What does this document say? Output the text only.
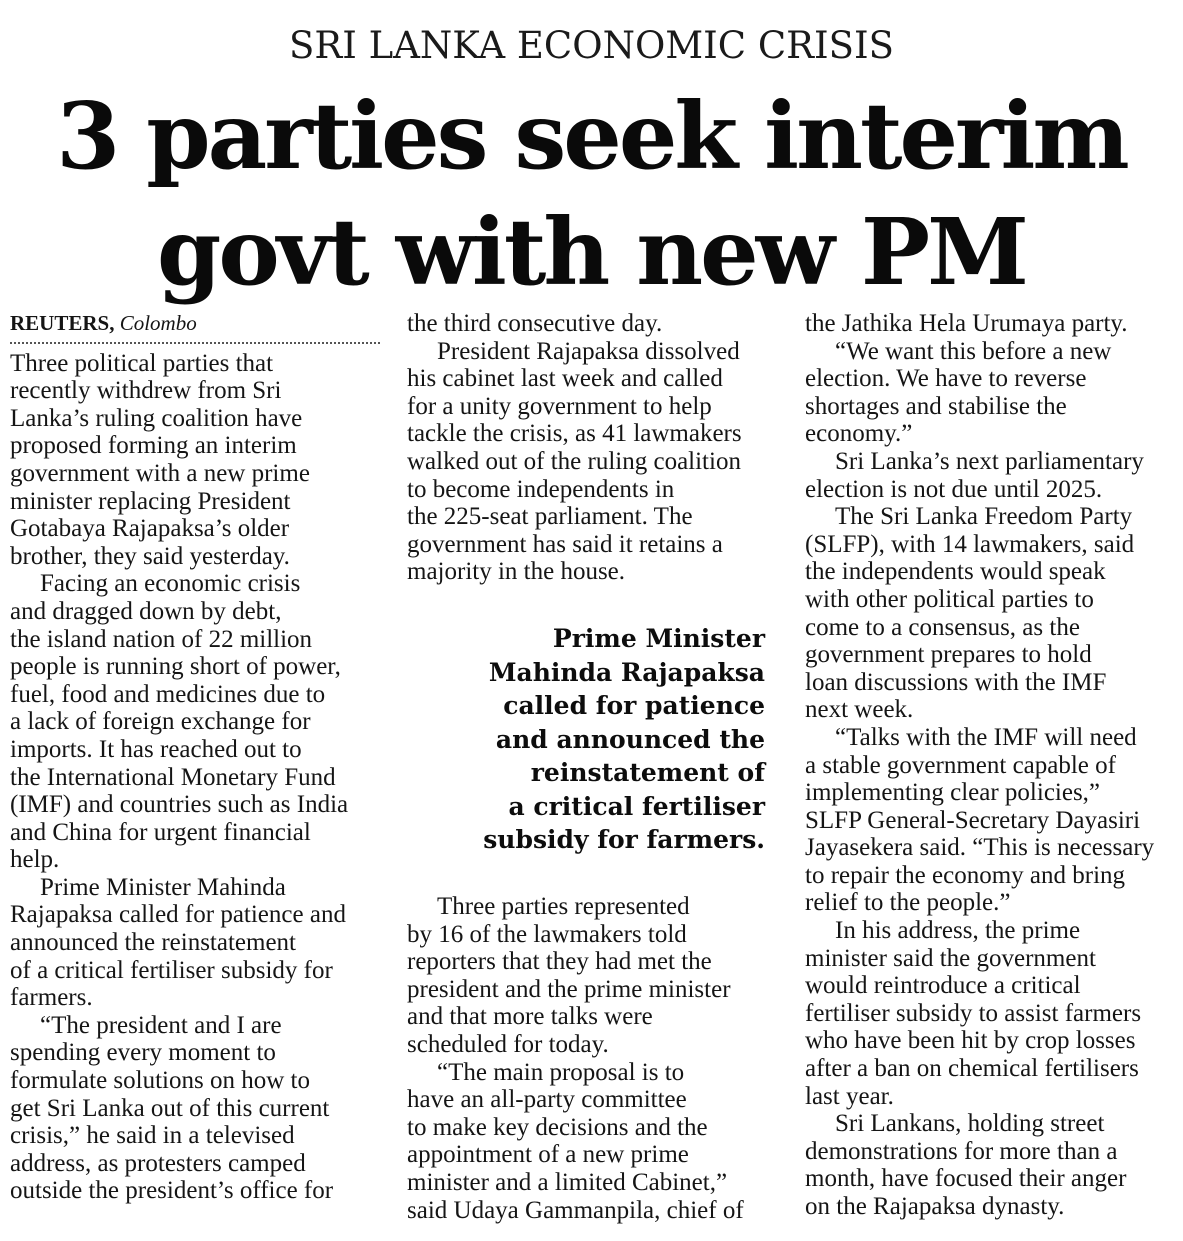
SRI LANKA ECONOMIC CRISIS
3 parties seek interim
govt with new PM
REUTERS, Colombo
Three political parties that
recently withdrew from Sri
Lanka’s ruling coalition have
proposed forming an interim
government with a new prime
minister replacing President
Gotabaya Rajapaksa’s older
brother, they said yesterday.
Facing an economic crisis
and dragged down by debt,
the island nation of 22 million
people is running short of power,
fuel, food and medicines due to
a lack of foreign exchange for
imports. It has reached out to
the International Monetary Fund
(IMF) and countries such as India
and China for urgent financial
help.
Prime Minister Mahinda
Rajapaksa called for patience and
announced the reinstatement
of a critical fertiliser subsidy for
farmers.
“The president and I are
spending every moment to
formulate solutions on how to
get Sri Lanka out of this current
crisis,” he said in a televised
address, as protesters camped
outside the president’s office for
the third consecutive day.
President Rajapaksa dissolved
his cabinet last week and called
for a unity government to help
tackle the crisis, as 41 lawmakers
walked out of the ruling coalition
to become independents in
the 225-seat parliament. The
government has said it retains a
majority in the house.
Prime Minister
Mahinda Rajapaksa
called for patience
and announced the
reinstatement of
a critical fertiliser
subsidy for farmers.
Three parties represented
by 16 of the lawmakers told
reporters that they had met the
president and the prime minister
and that more talks were
scheduled for today.
“The main proposal is to
have an all-party committee
to make key decisions and the
appointment of a new prime
minister and a limited Cabinet,”
said Udaya Gammanpila, chief of
the Jathika Hela Urumaya party.
“We want this before a new
election. We have to reverse
shortages and stabilise the
economy.”
Sri Lanka’s next parliamentary
election is not due until 2025.
The Sri Lanka Freedom Party
(SLFP), with 14 lawmakers, said
the independents would speak
with other political parties to
come to a consensus, as the
government prepares to hold
loan discussions with the IMF
next week.
“Talks with the IMF will need
a stable government capable of
implementing clear policies,”
SLFP General-Secretary Dayasiri
Jayasekera said. “This is necessary
to repair the economy and bring
relief to the people.”
In his address, the prime
minister said the government
would reintroduce a critical
fertiliser subsidy to assist farmers
who have been hit by crop losses
after a ban on chemical fertilisers
last year.
Sri Lankans, holding street
demonstrations for more than a
month, have focused their anger
on the Rajapaksa dynasty.
